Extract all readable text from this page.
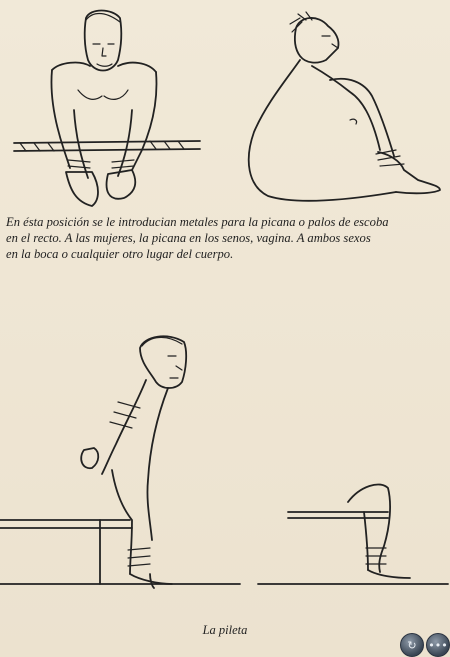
En ésta posición se le introducian metales para la picana o palos de escoba
en el recto. A las mujeres, la picana en los senos, vagina. A ambos sexos
en la boca o cualquier otro lugar del cuerpo.

La pileta
↻	•••
